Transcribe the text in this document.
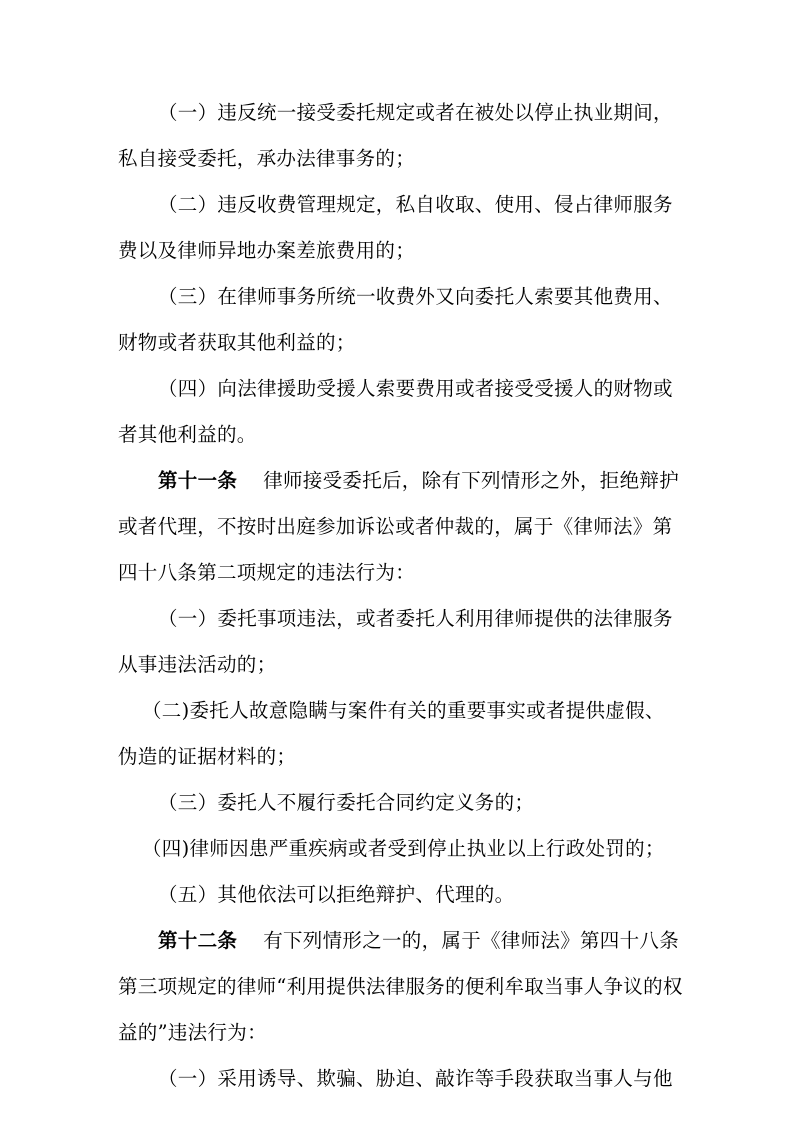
（一）违反统一接受委托规定或者在被处以停止执业期间，私自接受委托，承办法律事务的；

（二）违反收费管理规定，私自收取、使用、侵占律师服务费以及律师异地办案差旅费用的；

（三）在律师事务所统一收费外又向委托人索要其他费用、财物或者获取其他利益的；

（四）向法律援助受援人索要费用或者接受受援人的财物或者其他利益的。

第十一条 律师接受委托后，除有下列情形之外，拒绝辩护或者代理，不按时出庭参加诉讼或者仲裁的，属于《律师法》第四十八条第二项规定的违法行为：

（一）委托事项违法，或者委托人利用律师提供的法律服务从事违法活动的；

（二)委托人故意隐瞒与案件有关的重要事实或者提供虚假、伪造的证据材料的；

（三）委托人不履行委托合同约定义务的；

（四)律师因患严重疾病或者受到停止执业以上行政处罚的；

（五）其他依法可以拒绝辩护、代理的。

第十二条 有下列情形之一的，属于《律师法》第四十八条第三项规定的律师“利用提供法律服务的便利牟取当事人争议的权益的”违法行为：

（一）采用诱导、欺骗、胁迫、敲诈等手段获取当事人与他
